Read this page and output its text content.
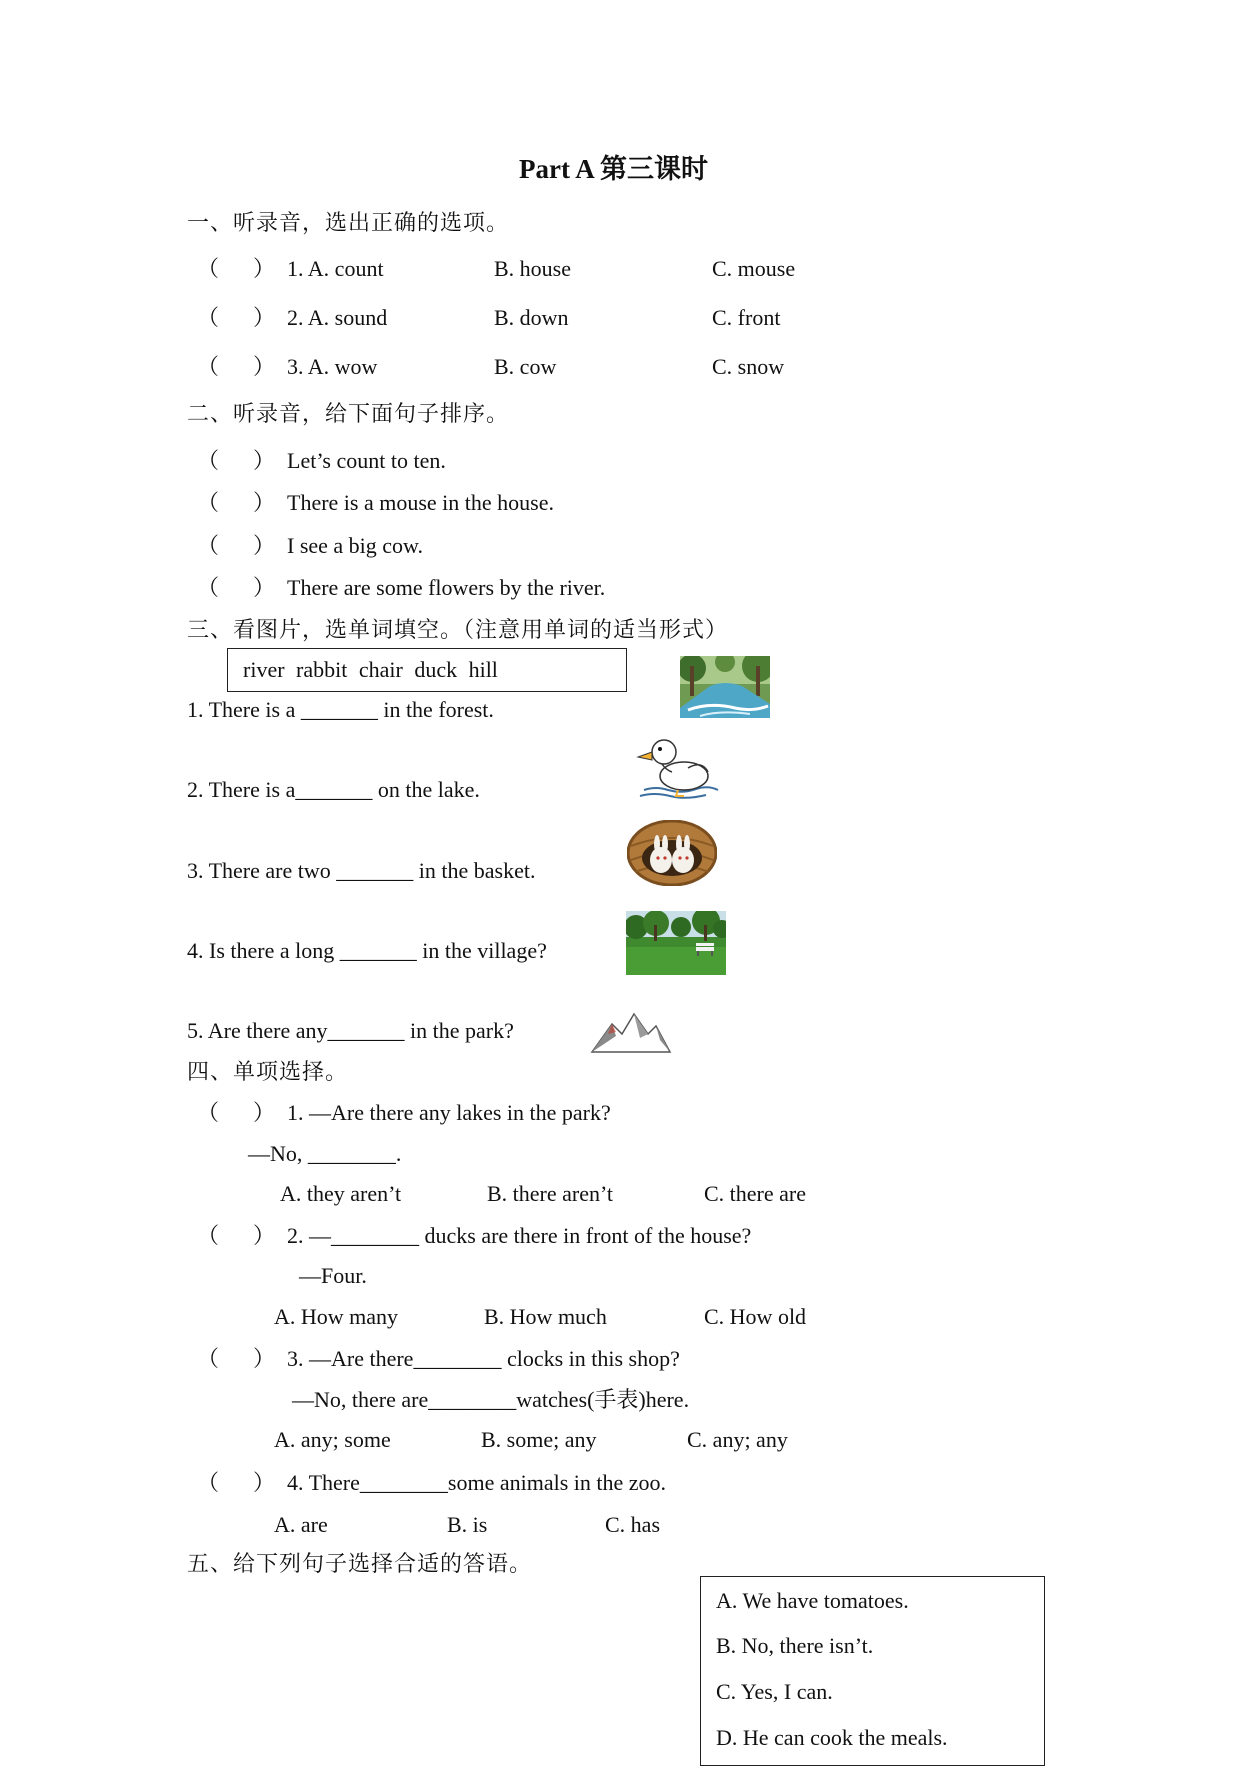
Part A 第三课时
一、听录音，选出正确的选项。
（ ） 1. A. count	B. house	C. mouse
（ ） 2. A. sound	B. down	C. front
（ ） 3. A. wow	B. cow	C. snow
二、听录音，给下面句子排序。
（ ） Let’s count to ten.
（ ） There is a mouse in the house.
（ ） I see a big cow.
（ ） There are some flowers by the river.
三、看图片，选单词填空。（注意用单词的适当形式）
river rabbit chair duck hill
1. There is a _______ in the forest.
2. There is a_______ on the lake.
3. There are two _______ in the basket.
4. Is there a long _______ in the village?
5. Are there any_______ in the park?
四、单项选择。
（ ） 1. —Are there any lakes in the park?
—No, ________.
A. they aren’t	B. there aren’t	C. there are
（ ） 2. —________ ducks are there in front of the house?
—Four.
A. How many	B. How much	C. How old
（ ） 3. —Are there________ clocks in this shop?
—No, there are________watches(手表)here.
A. any; some	B. some; any	C. any; any
（ ） 4. There________some animals in the zoo.
A. are	B. is	C. has
五、给下列句子选择合适的答语。
A. We have tomatoes.
B. No, there isn’t.
C. Yes, I can.
D. He can cook the meals.
